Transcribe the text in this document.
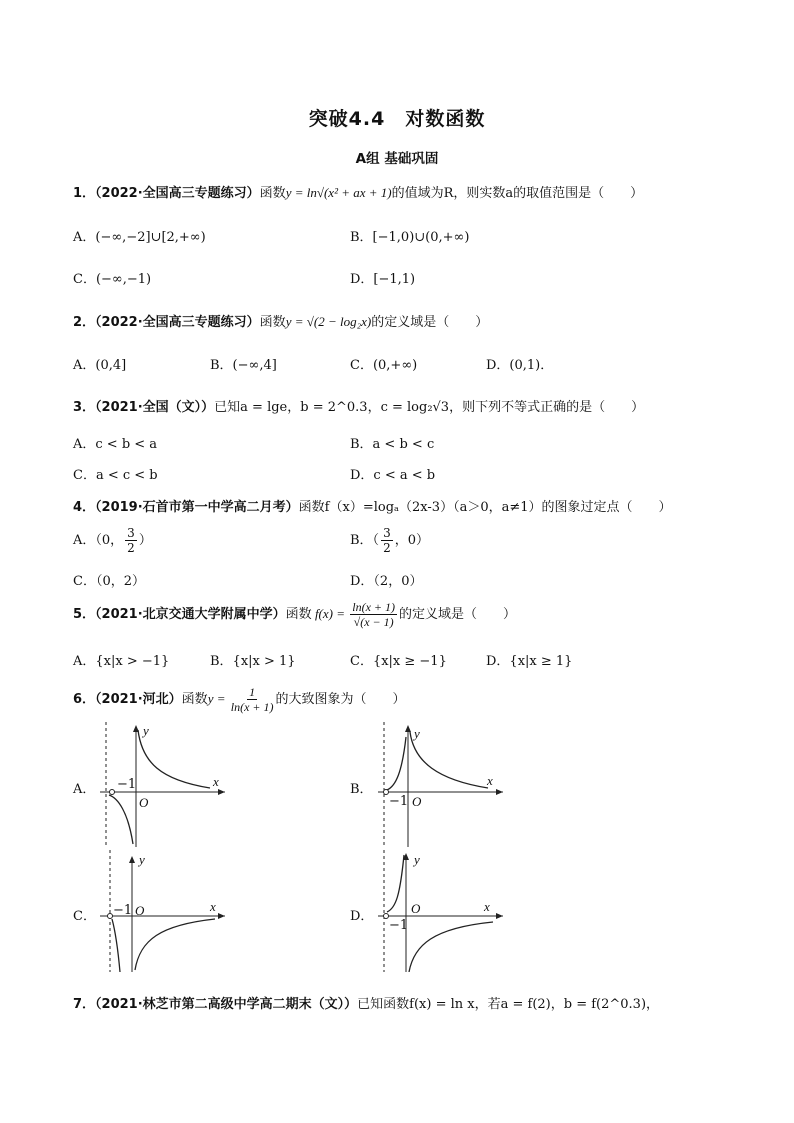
突破4.4　对数函数
A组 基础巩固
1．（2022·全国高三专题练习）函数y = ln√(x² + ax + 1)的值域为R，则实数a的取值范围是（　　）
A．(−∞,−2]∪[2,+∞)	B．[−1,0)∪(0,+∞)
C．(−∞,−1)	D．[−1,1)
2．（2022·全国高三专题练习）函数y = √(2 − log₂x)的定义域是（　　）
A．(0,4]	B．(−∞,4]	C．(0,+∞)	D．(0,1)．
3．（2021·全国（文））已知a = lge，b = 2^0.3，c = log₂√3，则下列不等式正确的是（　　）
A．c < b < a	B．a < b < c
C．a < c < b	D．c < a < b
4．（2019·石首市第一中学高二月考）函数f（x）=logₐ（2x-3）（a＞0，a≠1）的图象过定点（　　）
A．（0， $\frac{3}{2}$ ）	B．（ $\frac{3}{2}$ ，0）
C．（0，2）	D．（2，0）
5．（2021·北京交通大学附属中学）函数 $f(x) = \frac{\ln(x + 1)}{√(x - 1)}$ 的定义域是（　　）
A．{x|x > −1}	B．{x|x > 1}	C．{x|x ≥ −1}	D．{x|x ≥ 1}
6．（2021·河北）函数$y = \frac{1}{\ln(x + 1)}$ 的大致图象为（　　）
A．	B．
C．	D．
y
x
−1
O
y
x
−1 O
y
x
−1 O
y
x
−1
O
7．（2021·林芝市第二高级中学高二期末（文））已知函数f(x) = ln x，若a = f(2)，b = f(2^0.3)，
